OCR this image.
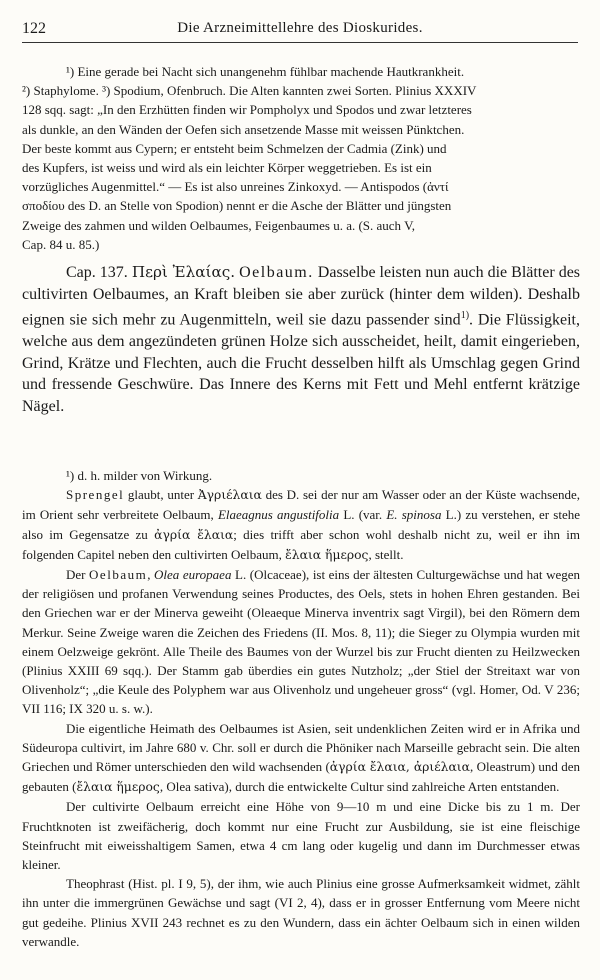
122	Die Arzneimittellehre des Dioskurides.

¹) Eine gerade bei Nacht sich unangenehm fühlbar machende Hautkrankheit.
²) Staphylome. ³) Spodium, Ofenbruch. Die Alten kannten zwei Sorten. Plinius XXXIV
128 sqq. sagt: „In den Erzhütten finden wir Pompholyx und Spodos und zwar letzteres
als dunkle, an den Wänden der Oefen sich ansetzende Masse mit weissen Pünktchen.
Der beste kommt aus Cypern; er entsteht beim Schmelzen der Cadmia (Zink) und
des Kupfers, ist weiss und wird als ein leichter Körper weggetrieben. Es ist ein
vorzügliches Augenmittel.“ — Es ist also unreines Zinkoxyd. — Antispodos (ἀντί
σποδίου des D. an Stelle von Spodion) nennt er die Asche der Blätter und jüngsten
Zweige des zahmen und wilden Oelbaumes, Feigenbaumes u. a. (S. auch V,
Cap. 84 u. 85.)

Cap. 137. Περὶ Ἐλαίας. Oelbaum. Dasselbe leisten nun auch die Blätter des cultivirten Oelbaumes, an Kraft bleiben sie aber zurück (hinter dem wilden). Deshalb eignen sie sich mehr zu Augenmitteln, weil sie dazu passender sind$^{1)}$. Die Flüssigkeit, welche aus dem angezündeten grünen Holze sich ausscheidet, heilt, damit eingerieben, Grind, Krätze und Flechten, auch die Frucht desselben hilft als Umschlag gegen Grind und fressende Geschwüre. Das Innere des Kerns mit Fett und Mehl entfernt krätzige Nägel.

¹) d. h. milder von Wirkung.

Sprengel glaubt, unter Ἀγριέλαια des D. sei der nur am Wasser oder an der Küste wachsende, im Orient sehr verbreitete Oelbaum, Elaeagnus angustifolia L. (var. E. spinosa L.) zu verstehen, er stehe also im Gegensatze zu ἀγρία ἔλαια; dies trifft aber schon wohl deshalb nicht zu, weil er ihn im folgenden Capitel neben den cultivirten Oelbaum, ἔλαια ἥμερος, stellt.

Der Oelbaum, Olea europaea L. (Olcaceae), ist eins der ältesten Culturgewächse und hat wegen der religiösen und profanen Verwendung seines Productes, des Oels, stets in hohen Ehren gestanden. Bei den Griechen war er der Minerva geweiht (Oleaeque Minerva inventrix sagt Virgil), bei den Römern dem Merkur. Seine Zweige waren die Zeichen des Friedens (II. Mos. 8, 11); die Sieger zu Olympia wurden mit einem Oelzweige gekrönt. Alle Theile des Baumes von der Wurzel bis zur Frucht dienten zu Heilzwecken (Plinius XXIII 69 sqq.). Der Stamm gab überdies ein gutes Nutzholz; „der Stiel der Streitaxt war von Olivenholz“; „die Keule des Polyphem war aus Olivenholz und ungeheuer gross“ (vgl. Homer, Od. V 236; VII 116; IX 320 u. s. w.).

Die eigentliche Heimath des Oelbaumes ist Asien, seit undenklichen Zeiten wird er in Afrika und Südeuropa cultivirt, im Jahre 680 v. Chr. soll er durch die Phöniker nach Marseille gebracht sein. Die alten Griechen und Römer unterschieden den wild wachsenden (ἀγρία ἔλαια, ἀριέλαια, Oleastrum) und den gebauten (ἔλαια ἥμερος, Olea sativa), durch die entwickelte Cultur sind zahlreiche Arten entstanden.

Der cultivirte Oelbaum erreicht eine Höhe von 9—10 m und eine Dicke bis zu 1 m. Der Fruchtknoten ist zweifächerig, doch kommt nur eine Frucht zur Ausbildung, sie ist eine fleischige Steinfrucht mit eiweisshaltigem Samen, etwa 4 cm lang oder kugelig und dann im Durchmesser etwas kleiner.

Theophrast (Hist. pl. I 9, 5), der ihm, wie auch Plinius eine grosse Aufmerksamkeit widmet, zählt ihn unter die immergrünen Gewächse und sagt (VI 2, 4), dass er in grosser Entfernung vom Meere nicht gut gedeihe. Plinius XVII 243 rechnet es zu den Wundern, dass ein ächter Oelbaum sich in einen wilden verwandle.
